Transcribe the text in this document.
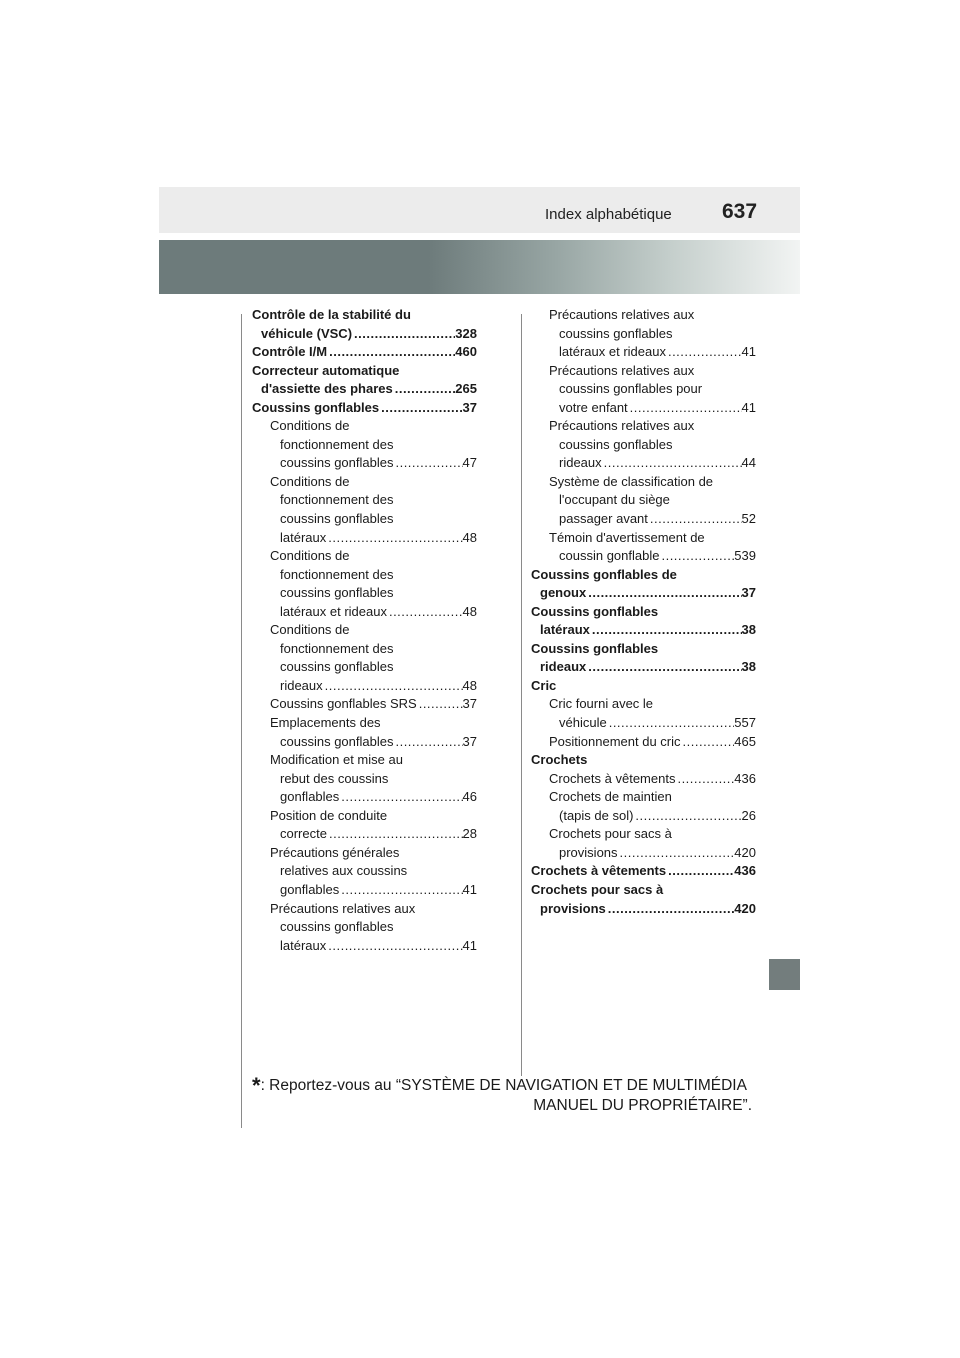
Index alphabétique 637
Contrôle de la stabilité du
véhicule (VSC) .....	328
Contrôle I/M .....	460
Correcteur automatique
d'assiette des phares .....	265
Coussins gonflables .....	37
Conditions de
fonctionnement des
coussins gonflables .....	47
Conditions de
fonctionnement des
coussins gonflables
latéraux .....	48
Conditions de
fonctionnement des
coussins gonflables
latéraux et rideaux .....	48
Conditions de
fonctionnement des
coussins gonflables
rideaux .....	48
Coussins gonflables SRS .....	37
Emplacements des
coussins gonflables .....	37
Modification et mise au
rebut des coussins
gonflables .....	46
Position de conduite
correcte .....	28
Précautions générales
relatives aux coussins
gonflables .....	41
Précautions relatives aux
coussins gonflables
latéraux .....	41
Précautions relatives aux
coussins gonflables
latéraux et rideaux .....	41
Précautions relatives aux
coussins gonflables pour
votre enfant .....	41
Précautions relatives aux
coussins gonflables
rideaux .....	44
Système de classification de
l'occupant du siège
passager avant .....	52
Témoin d'avertissement de
coussin gonflable .....	539
Coussins gonflables de
genoux .....	37
Coussins gonflables
latéraux .....	38
Coussins gonflables
rideaux .....	38
Cric
Cric fourni avec le
véhicule .....	557
Positionnement du cric .....	465
Crochets
Crochets à vêtements .....	436
Crochets de maintien
(tapis de sol) .....	26
Crochets pour sacs à
provisions .....	420
Crochets à vêtements .....	436
Crochets pour sacs à
provisions .....	420
*: Reportez-vous au “SYSTÈME DE NAVIGATION ET DE MULTIMÉDIA
MANUEL DU PROPRIÉTAIRE”.
